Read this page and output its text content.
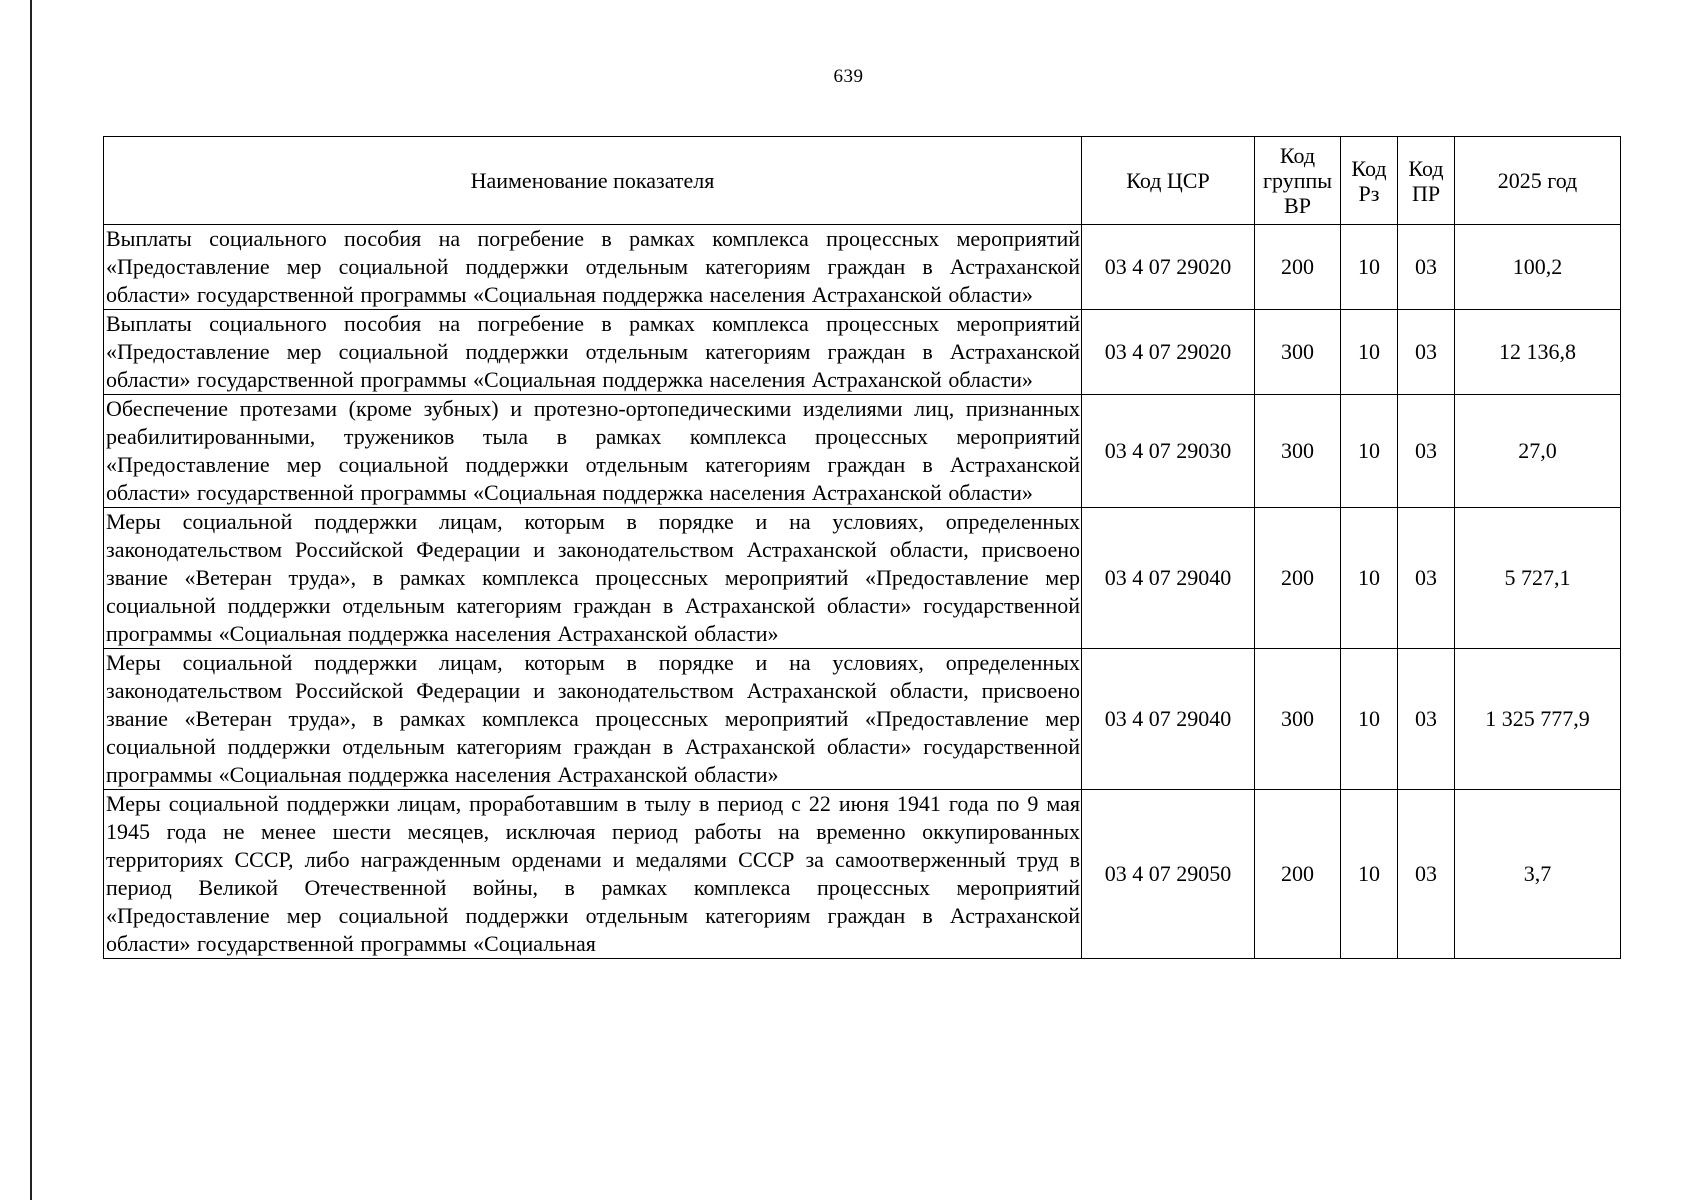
639
Наименование показателя	Код ЦСР	Код группы ВР	Код Рз	Код ПР	2025 год
Выплаты социального пособия на погребение в рамках комплекса процессных мероприятий «Предоставление мер социальной поддержки отдельным категориям граждан в Астраханской области» государственной программы «Социальная поддержка населения Астраханской области»	03 4 07 29020	200	10	03	100,2
Выплаты социального пособия на погребение в рамках комплекса процессных мероприятий «Предоставление мер социальной поддержки отдельным категориям граждан в Астраханской области» государственной программы «Социальная поддержка населения Астраханской области»	03 4 07 29020	300	10	03	12 136,8
Обеспечение протезами (кроме зубных) и протезно-ортопедическими изделиями лиц, признанных реабилитированными, тружеников тыла в рамках комплекса процессных мероприятий «Предоставление мер социальной поддержки отдельным категориям граждан в Астраханской области» государственной программы «Социальная поддержка населения Астраханской области»	03 4 07 29030	300	10	03	27,0
Меры социальной поддержки лицам, которым в порядке и на условиях, определенных законодательством Российской Федерации и законодательством Астраханской области, присвоено звание «Ветеран труда», в рамках комплекса процессных мероприятий «Предоставление мер социальной поддержки отдельным категориям граждан в Астраханской области» государственной программы «Социальная поддержка населения Астраханской области»	03 4 07 29040	200	10	03	5 727,1
Меры социальной поддержки лицам, которым в порядке и на условиях, определенных законодательством Российской Федерации и законодательством Астраханской области, присвоено звание «Ветеран труда», в рамках комплекса процессных мероприятий «Предоставление мер социальной поддержки отдельным категориям граждан в Астраханской области» государственной программы «Социальная поддержка населения Астраханской области»	03 4 07 29040	300	10	03	1 325 777,9
Меры социальной поддержки лицам, проработавшим в тылу в период с 22 июня 1941 года по 9 мая 1945 года не менее шести месяцев, исключая период работы на временно оккупированных территориях СССР, либо награжденным орденами и медалями СССР за самоотверженный труд в период Великой Отечественной войны, в рамках комплекса процессных мероприятий «Предоставление мер социальной поддержки отдельным категориям граждан в Астраханской области» государственной программы «Социальная	03 4 07 29050	200	10	03	3,7
